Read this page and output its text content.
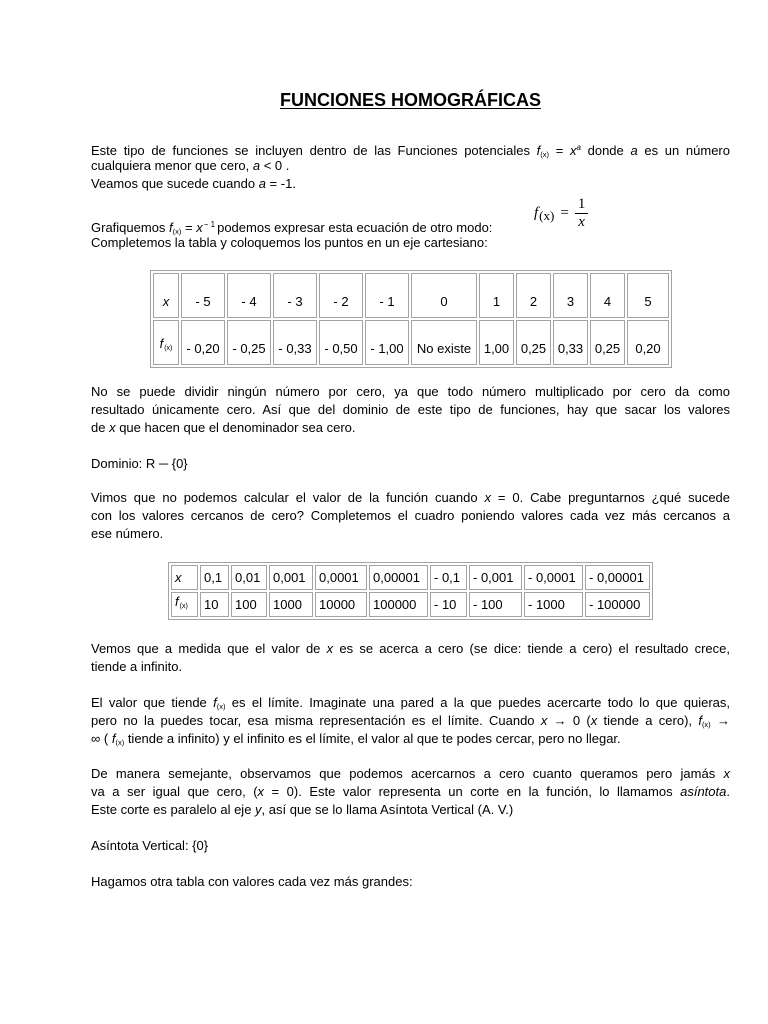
FUNCIONES HOMOGRÁFICAS
Este tipo de funciones se incluyen dentro de las Funciones potenciales $f(x) = x^a$ donde a es un número
cualquiera menor que cero, a < 0 .
Veamos que sucede cuando a = -1.
Grafiquemos $f(x) = x^{- 1}$ podemos expresar esta ecuación de otro modo:
Completemos la tabla y coloquemos los puntos en un eje cartesiano:
f $(x) = \frac{1}{x}$
x	- 5	- 4	- 3	- 2	- 1	0	1	2	3	4	5
f(x)	- 0,20	- 0,25	- 0,33	- 0,50	- 1,00	No existe	1,00	0,25	0,33	0,25	0,20
No se puede dividir ningún número por cero, ya que todo número multiplicado por cero da como
resultado únicamente cero. Así que del dominio de este tipo de funciones, hay que sacar los valores
de x que hacen que el denominador sea cero.
Dominio: R ─ {0}
Vimos que no podemos calcular el valor de la función cuando x = 0. Cabe preguntarnos ¿qué sucede
con los valores cercanos de cero? Completemos el cuadro poniendo valores cada vez más cercanos a
ese número.
x	0,1	0,01	0,001	0,0001	0,00001	- 0,1	- 0,001	- 0,0001	- 0,00001
f(x)	10	100	1000	10000	100000	- 10	- 100	- 1000	- 100000
Vemos que a medida que el valor de x es se acerca a cero (se dice: tiende a cero) el resultado crece,
tiende a infinito.
El valor que tiende f(x) es el límite. Imaginate una pared a la que puedes acercarte todo lo que quieras,
pero no la puedes tocar, esa misma representación es el límite. Cuando x → 0 (x tiende a cero), f(x) →
∞ ( f(x) tiende a infinito) y el infinito es el límite, el valor al que te podes cercar, pero no llegar.
De manera semejante, observamos que podemos acercarnos a cero cuanto queramos pero jamás x
va a ser igual que cero, (x = 0). Este valor representa un corte en la función, lo llamamos asíntota.
Este corte es paralelo al eje y, así que se lo llama Asíntota Vertical (A. V.)
Asíntota Vertical: {0}
Hagamos otra tabla con valores cada vez más grandes:
